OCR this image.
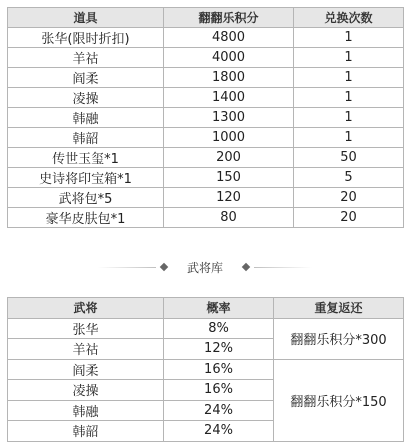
道具	翻翻乐积分	兑换次数
张华(限时折扣)	4800	1
羊祜	4000	1
阎柔	1800	1
凌操	1400	1
韩融	1300	1
韩韶	1000	1
传世玉玺*1	200	50
史诗将印宝箱*1	150	5
武将包*5	120	20
豪华皮肤包*1	80	20
武将库
武将	概率	重复返还
张华	8%	翻翻乐积分*300
羊祜	12%	
阎柔	16%	翻翻乐积分*150
凌操	16%	
韩融	24%	
韩韶	24%	
